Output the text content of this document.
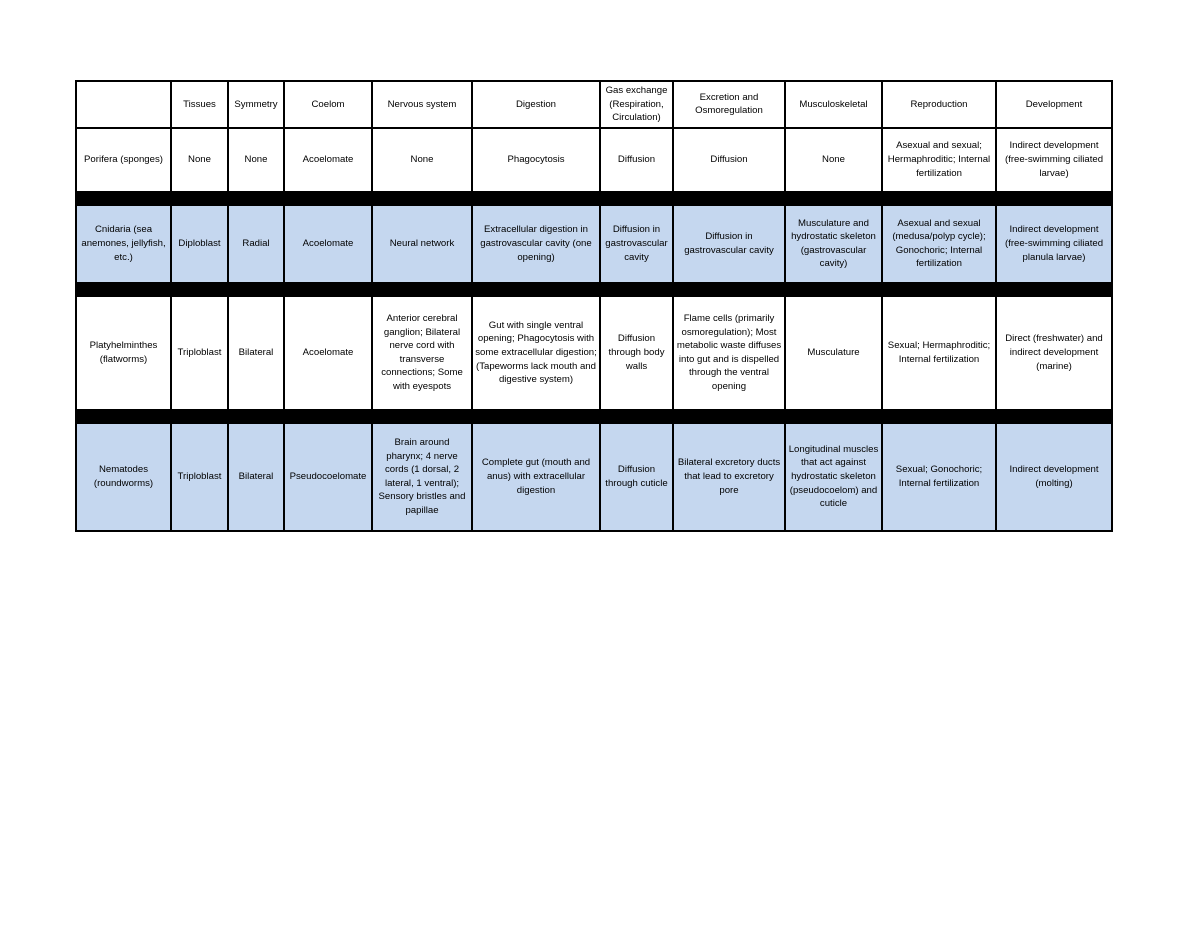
	Tissues	Symmetry	Coelom	Nervous system	Digestion	Gas exchange (Respiration, Circulation)	Excretion and Osmoregulation	Musculoskeletal	Reproduction	Development
Porifera (sponges)	None	None	Acoelomate	None	Phagocytosis	Diffusion	Diffusion	None	Asexual and sexual; Hermaphroditic; Internal fertilization	Indirect development (free-swimming ciliated larvae)

Cnidaria (sea anemones, jellyfish, etc.)	Diploblast	Radial	Acoelomate	Neural network	Extracellular digestion in gastrovascular cavity (one opening)	Diffusion in gastrovascular cavity	Diffusion in gastrovascular cavity	Musculature and hydrostatic skeleton (gastrovascular cavity)	Asexual and sexual (medusa/polyp cycle); Gonochoric; Internal fertilization	Indirect development (free-swimming ciliated planula larvae)

Platyhelminthes (flatworms)	Triploblast	Bilateral	Acoelomate	Anterior cerebral ganglion; Bilateral nerve cord with transverse connections; Some with eyespots	Gut with single ventral opening; Phagocytosis with some extracellular digestion; (Tapeworms lack mouth and digestive system)	Diffusion through body walls	Flame cells (primarily osmoregulation); Most metabolic waste diffuses into gut and is dispelled through the ventral opening	Musculature	Sexual; Hermaphroditic; Internal fertilization	Direct (freshwater) and indirect development (marine)

Nematodes (roundworms)	Triploblast	Bilateral	Pseudocoelomate	Brain around pharynx; 4 nerve cords (1 dorsal, 2 lateral, 1 ventral); Sensory bristles and papillae	Complete gut (mouth and anus) with extracellular digestion	Diffusion through cuticle	Bilateral excretory ducts that lead to excretory pore	Longitudinal muscles that act against hydrostatic skeleton (pseudocoelom) and cuticle	Sexual; Gonochoric; Internal fertilization	Indirect development (molting)
